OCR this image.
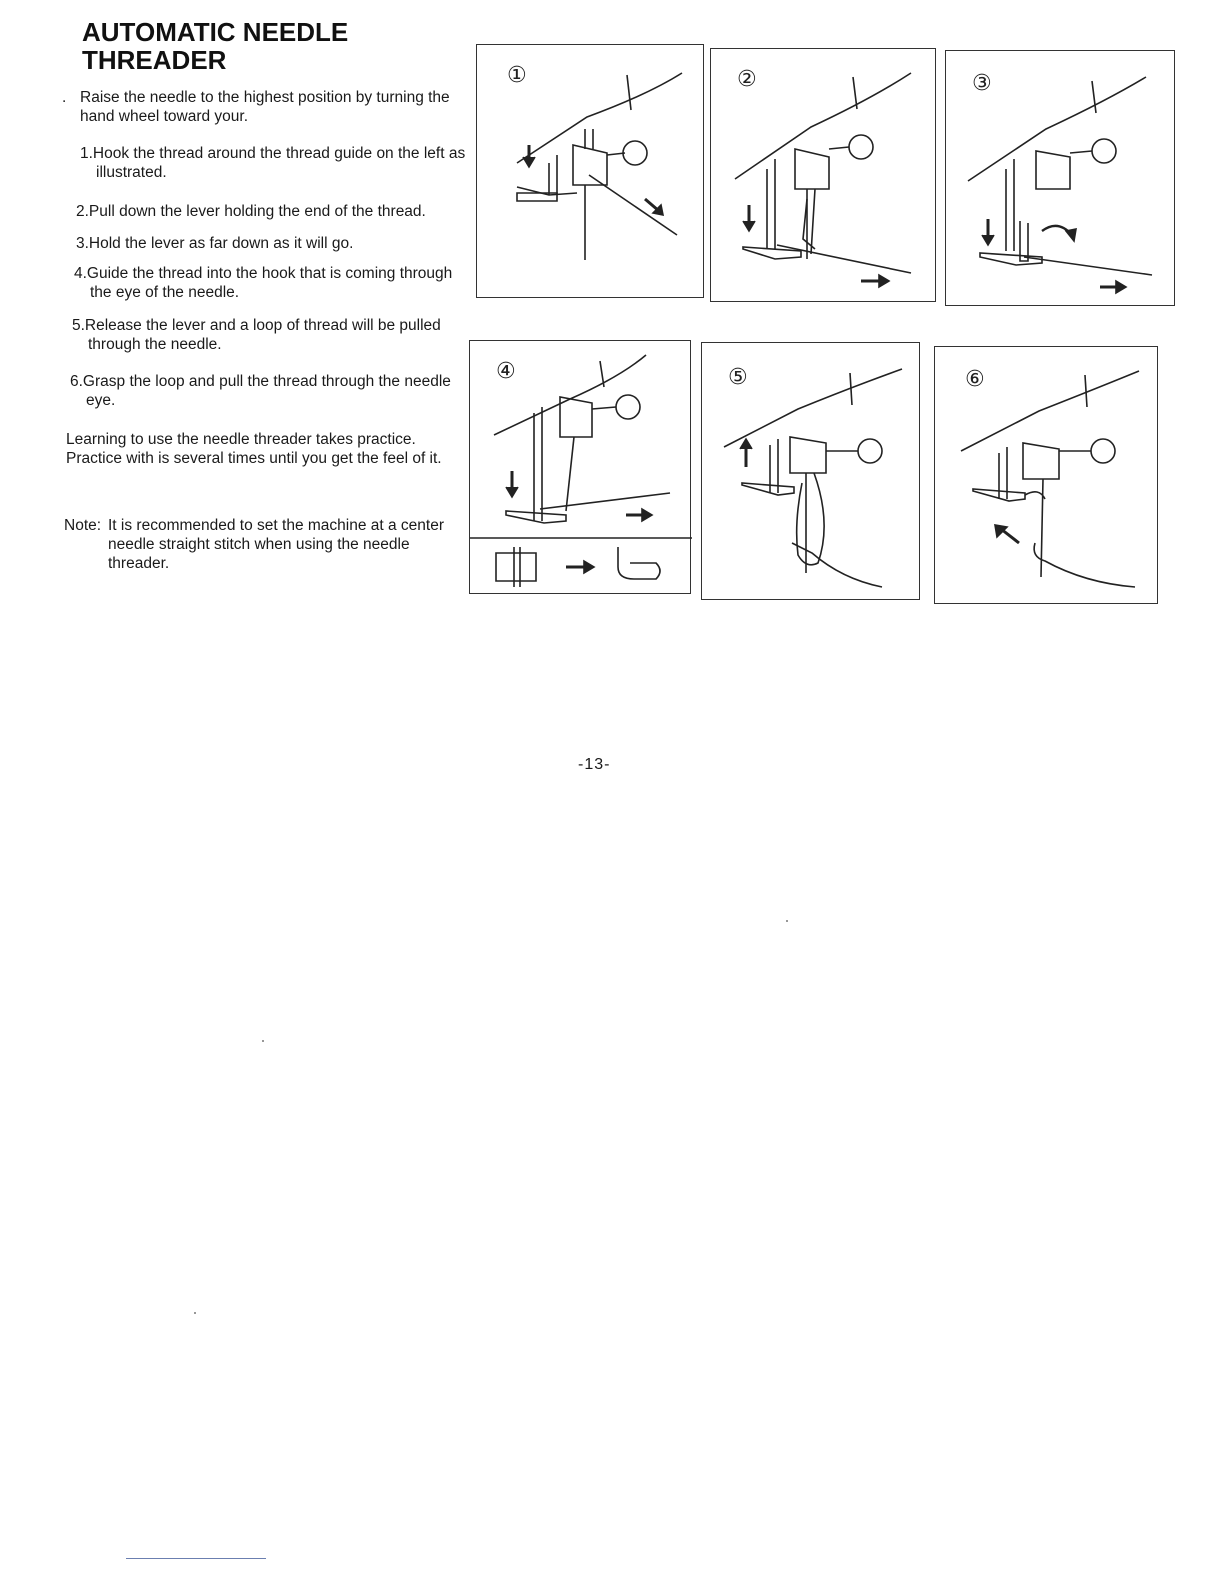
AUTOMATIC NEEDLE
THREADER
. Raise the needle to the highest position by turning the hand wheel toward your.

1.Hook the thread around the thread guide on the left as illustrated.

2.Pull down the lever holding the end of the thread.

3.Hold the lever as far down as it will go.

4.Guide the thread into the hook that is coming through the eye of the needle.

5.Release the lever and a loop of thread will be pulled through the needle.

6.Grasp the loop and pull the thread through the needle eye.

Learning to use the needle threader takes practice. Practice with is several times until you get the feel of it.

Note: It is recommended to set the machine at a center needle straight stitch when using the needle threader.
①	②	③
④	⑤	⑥
-13-
